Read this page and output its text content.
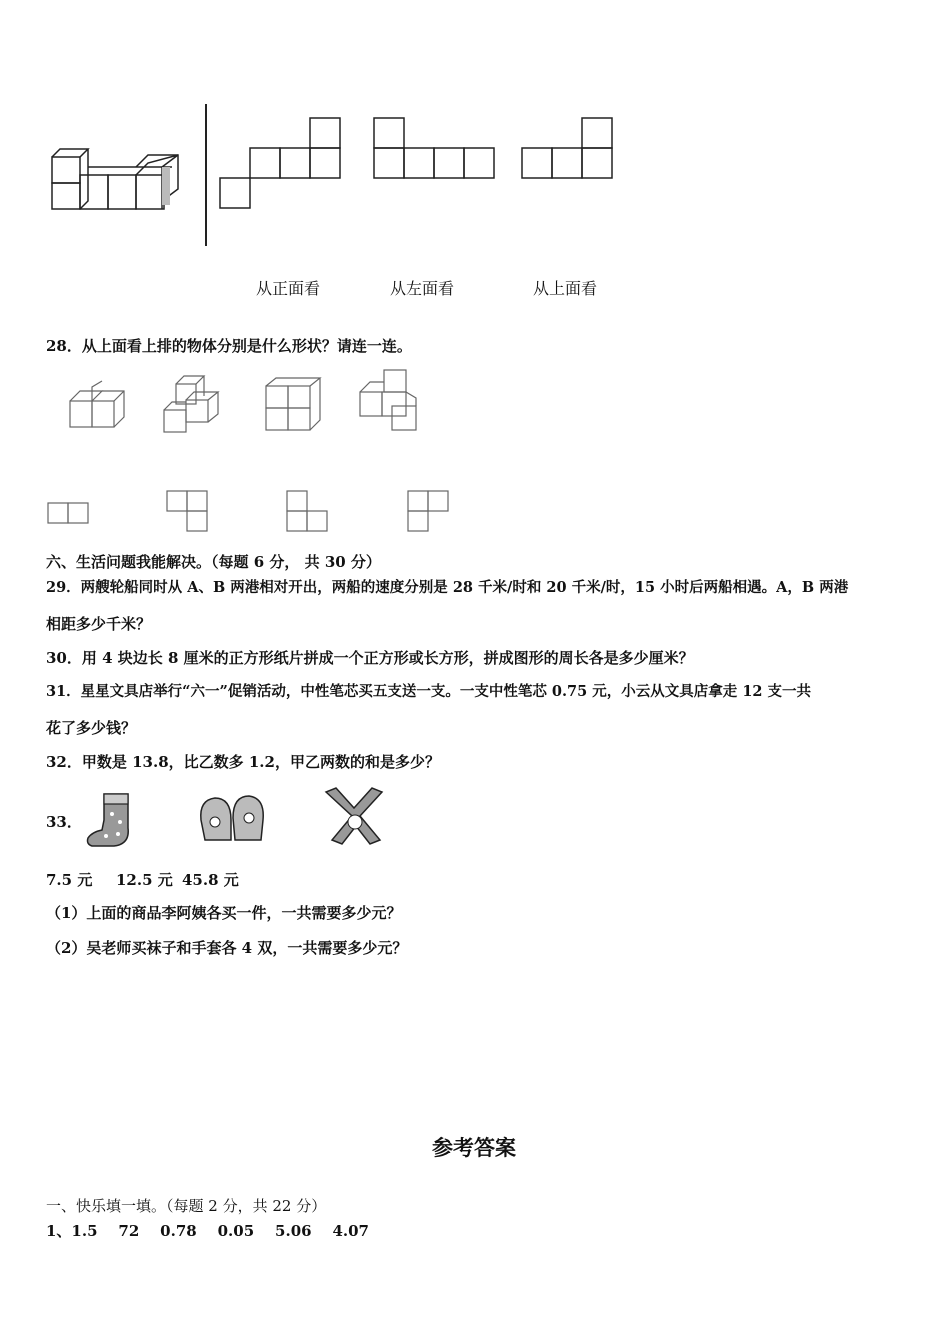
从正面看	从左面看	从上面看
28．从上面看上排的物体分别是什么形状？请连一连。
六、生活问题我能解决。（每题 6 分， 共 30 分）
29．两艘轮船同时从 A、B 两港相对开出，两船的速度分别是 28 千米/时和 20 千米/时，15 小时后两船相遇。A，B 两港
相距多少千米？
30．用 4 块边长 8 厘米的正方形纸片拼成一个正方形或长方形，拼成图形的周长各是多少厘米？
31．星星文具店举行“六一”促销活动，中性笔芯买五支送一支。一支中性笔芯 0.75 元，小云从文具店拿走 12 支一共
花了多少钱？
32．甲数是 13.8，比乙数多 1.2，甲乙两数的和是多少？
33．
7.5 元 12.5 元 45.8 元
（1）上面的商品李阿姨各买一件，一共需要多少元？
（2）吴老师买袜子和手套各 4 双，一共需要多少元？
参考答案
一、快乐填一填。（每题 2 分，共 22 分）
1、1.5    72    0.78    0.05    5.06    4.07
